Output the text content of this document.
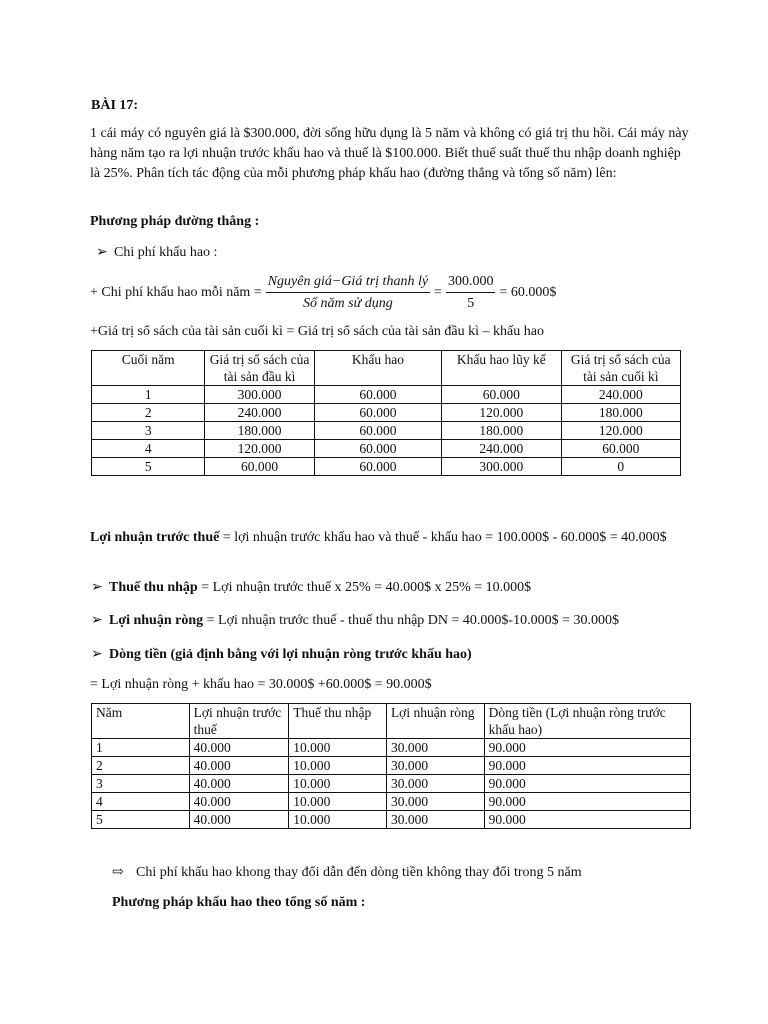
BÀI 17:
1 cái máy có nguyên giá là $300.000, đời sống hữu dụng là 5 năm và không có giá trị thu hồi. Cái máy này hàng năm tạo ra lợi nhuận trước khấu hao và thuế là $100.000. Biết thuế suất thuế thu nhập doanh nghiệp là 25%. Phân tích tác động của mỗi phương pháp khấu hao (đường thẳng và tổng số năm) lên:
Phương pháp đường thẳng :
➢ Chi phí khấu hao :
+ Chi phí khấu hao mỗi năm = $\frac{\text{Nguyên giá−Giá trị thanh lý}}{\text{Số năm sử dụng}} = \frac{300.000}{5}$ = 60.000$
+Giá trị sổ sách của tài sản cuối kì = Giá trị sổ sách của tài sản đầu kì – khấu hao
Cuối năm	Giá trị sổ sách của tài sản đầu kì	Khấu hao	Khấu hao lũy kế	Giá trị sổ sách của tài sản cuối kì
1	300.000	60.000	60.000	240.000
2	240.000	60.000	120.000	180.000
3	180.000	60.000	180.000	120.000
4	120.000	60.000	240.000	60.000
5	60.000	60.000	300.000	0
Lợi nhuận trước thuế = lợi nhuận trước khấu hao và thuế - khấu hao = 100.000$ - 60.000$ = 40.000$
➢ Thuế thu nhập = Lợi nhuận trước thuế x 25% = 40.000$ x 25% = 10.000$
➢ Lợi nhuận ròng = Lợi nhuận trước thuế - thuế thu nhập DN = 40.000$-10.000$ = 30.000$
➢ Dòng tiền (giả định bằng với lợi nhuận ròng trước khấu hao)
= Lợi nhuận ròng + khấu hao = 30.000$ +60.000$ = 90.000$
Năm	Lợi nhuận trước thuế	Thuế thu nhập	Lợi nhuận ròng	Dòng tiền (Lợi nhuận ròng trước khấu hao)
1	40.000	10.000	30.000	90.000
2	40.000	10.000	30.000	90.000
3	40.000	10.000	30.000	90.000
4	40.000	10.000	30.000	90.000
5	40.000	10.000	30.000	90.000
⇨ Chi phí khấu hao khong thay đổi dẫn đến dòng tiền không thay đổi trong 5 năm
Phương pháp khấu hao theo tổng số năm :
